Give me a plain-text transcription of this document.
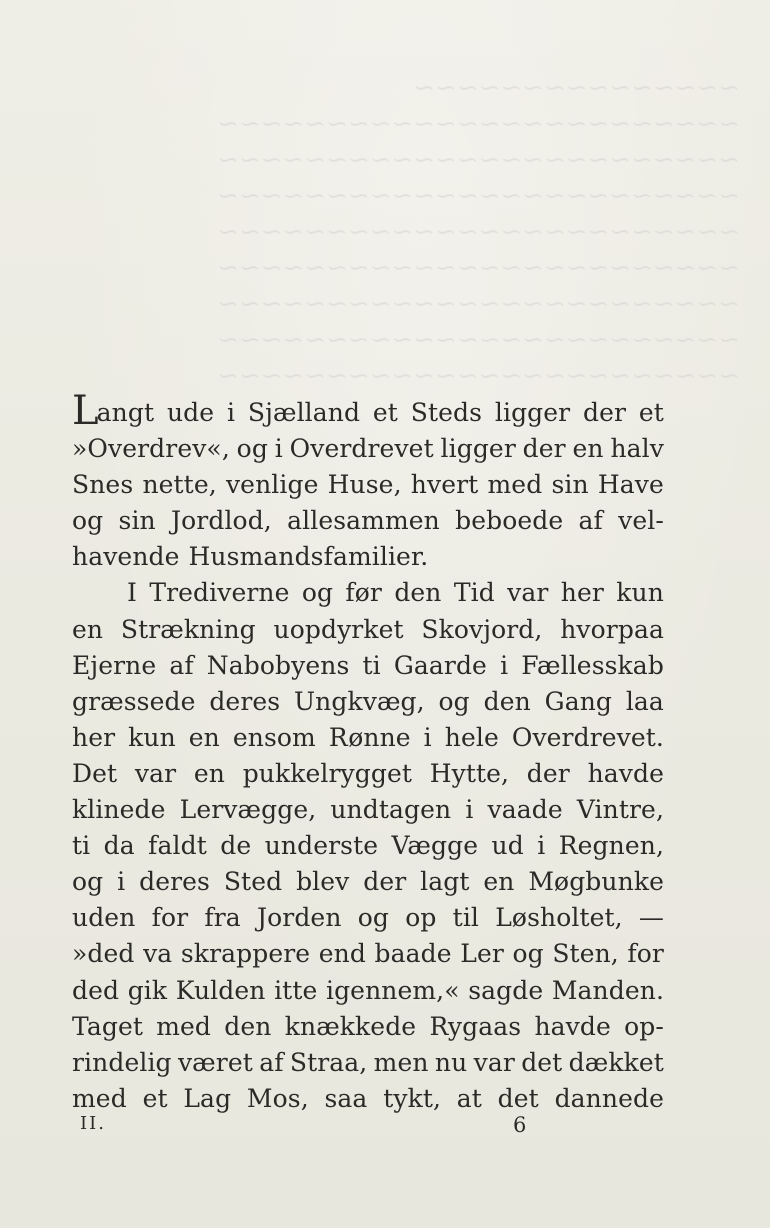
~~~~~~~~~~~~~~~
~~~~~~~~~~~~~~~~~~~~~~~~
~~~~~~~~~~~~~~~~~~~~~~~~
~~~~~~~~~~~~~~~~~~~~~~~~
~~~~~~~~~~~~~~~~~~~~~~~~
~~~~~~~~~~~~~~~~~~~~~~~~
~~~~~~~~~~~~~~~~~~~~~~~~
~~~~~~~~~~~~~~~~~~~~~~~~
~~~~~~~~~~~~~~~~~~~~~~~~
Langt ude i Sjælland et Steds ligger der et
»Overdrev«, og i Overdrevet ligger der en halv
Snes nette, venlige Huse, hvert med sin Have
og sin Jordlod, allesammen beboede af vel-
havende Husmandsfamilier.
I Trediverne og før den Tid var her kun
en Strækning uopdyrket Skovjord, hvorpaa
Ejerne af Nabobyens ti Gaarde i Fællesskab
græssede deres Ungkvæg, og den Gang laa
her kun en ensom Rønne i hele Overdrevet.
Det var en pukkelrygget Hytte, der havde
klinede Lervægge, undtagen i vaade Vintre,
ti da faldt de underste Vægge ud i Regnen,
og i deres Sted blev der lagt en Møgbunke
uden for fra Jorden og op til Løsholtet, —
»ded va skrappere end baade Ler og Sten, for
ded gik Kulden itte igennem,« sagde Manden.
Taget med den knækkede Rygaas havde op-
rindelig været af Straa, men nu var det dækket
med et Lag Mos, saa tykt, at det dannede
II.	6
